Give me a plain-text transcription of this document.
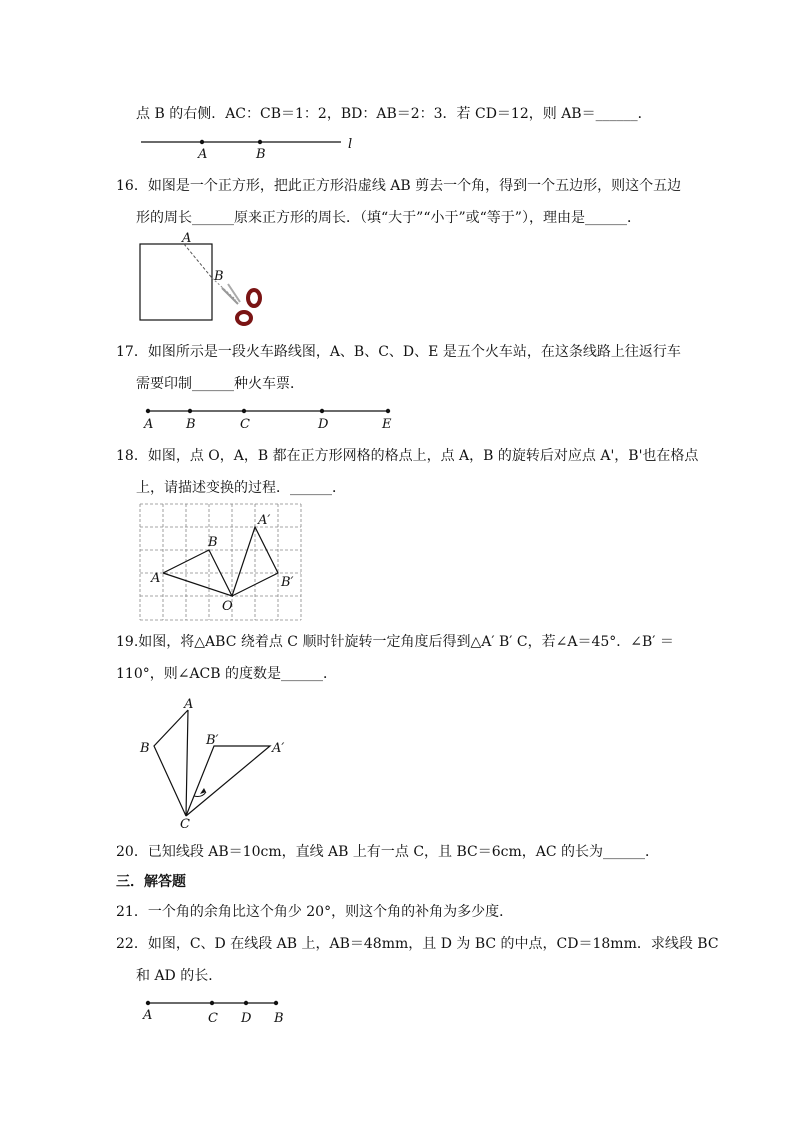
点 B 的右侧．AC：CB＝1：2，BD：AB＝2：3．若 CD＝12，则 AB＝______．
A	B
l
16．如图是一个正方形，把此正方形沿虚线 AB 剪去一个角，得到一个五边形，则这个五边
形的周长______原来正方形的周长．（填“大于”“小于”或“等于”），理由是______．
A
B
17．如图所示是一段火车路线图，A、B、C、D、E 是五个火车站，在这条线路上往返行车
需要印制______种火车票．
A	B	C	D	E
18．如图，点 O，A，B 都在正方形网格的格点上，点 A，B 的旋转后对应点 A'，B'也在格点
上，请描述变换的过程．______．
A
B
O
A′
B′
19.如图，将△ABC 绕着点 C 顺时针旋转一定角度后得到△A′ B′ C，若∠A＝45°．∠B′ ＝
110°，则∠ACB 的度数是______．
A
B
B′
A′
C
20．已知线段 AB＝10cm，直线 AB 上有一点 C，且 BC＝6cm，AC 的长为______．
三．解答题
21．一个角的余角比这个角少 20°，则这个角的补角为多少度．
22．如图，C、D 在线段 AB 上，AB＝48mm，且 D 为 BC 的中点，CD＝18mm．求线段 BC
和 AD 的长．
A	C D B
